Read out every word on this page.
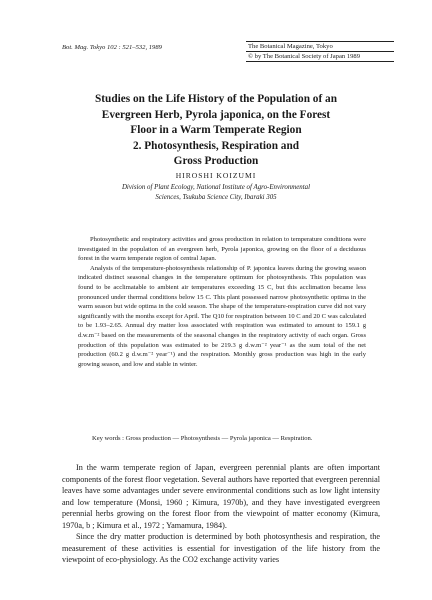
Bot. Mag. Tokyo 102 : 521–532, 1989	The Botanical Magazine, Tokyo
© by The Botanical Society of Japan 1989
Studies on the Life History of the Population of an
Evergreen Herb, Pyrola japonica, on the Forest
Floor in a Warm Temperate Region
2. Photosynthesis, Respiration and
Gross Production
HIROSHI KOIZUMI
Division of Plant Ecology, National Institute of Agro-Environmental
Sciences, Tsukuba Science City, Ibaraki 305

Photosynthetic and respiratory activities and gross production in relation to temperature conditions were investigated in the population of an evergreen herb, Pyrola japonica, growing on the floor of a deciduous forest in the warm temperate region of central Japan.

Analysis of the temperature-photosynthesis relationship of P. japonica leaves during the growing season indicated distinct seasonal changes in the temperature optimum for photosynthesis. This population was found to be acclimatable to ambient air temperatures exceeding 15 C, but this acclimation became less pronounced under thermal conditions below 15 C. This plant possessed narrow photosynthetic optima in the warm season but wide optima in the cold season. The shape of the temperature-respiration curve did not vary significantly with the months except for April. The Q10 for respiration between 10 C and 20 C was calculated to be 1.93–2.65. Annual dry matter loss associated with respiration was estimated to amount to 159.1 g d.w.m⁻² based on the measurements of the seasonal changes in the respiratory activity of each organ. Gross production of this population was estimated to be 219.3 g d.w.m⁻² year⁻¹ as the sum total of the net production (60.2 g d.w.m⁻² year⁻¹) and the respiration. Monthly gross production was high in the early growing season, and low and stable in winter.

Key words : Gross production — Photosynthesis — Pyrola japonica — Respiration.

In the warm temperate region of Japan, evergreen perennial plants are often important components of the forest floor vegetation. Several authors have reported that evergreen perennial leaves have some advantages under severe environmental conditions such as low light intensity and low temperature (Monsi, 1960 ; Kimura, 1970b), and they have investigated evergreen perennial herbs growing on the forest floor from the viewpoint of matter economy (Kimura, 1970a, b ; Kimura et al., 1972 ; Yamamura, 1984).

Since the dry matter production is determined by both photosynthesis and respiration, the measurement of these activities is essential for investigation of the life history from the viewpoint of eco-physiology. As the CO2 exchange activity varies
